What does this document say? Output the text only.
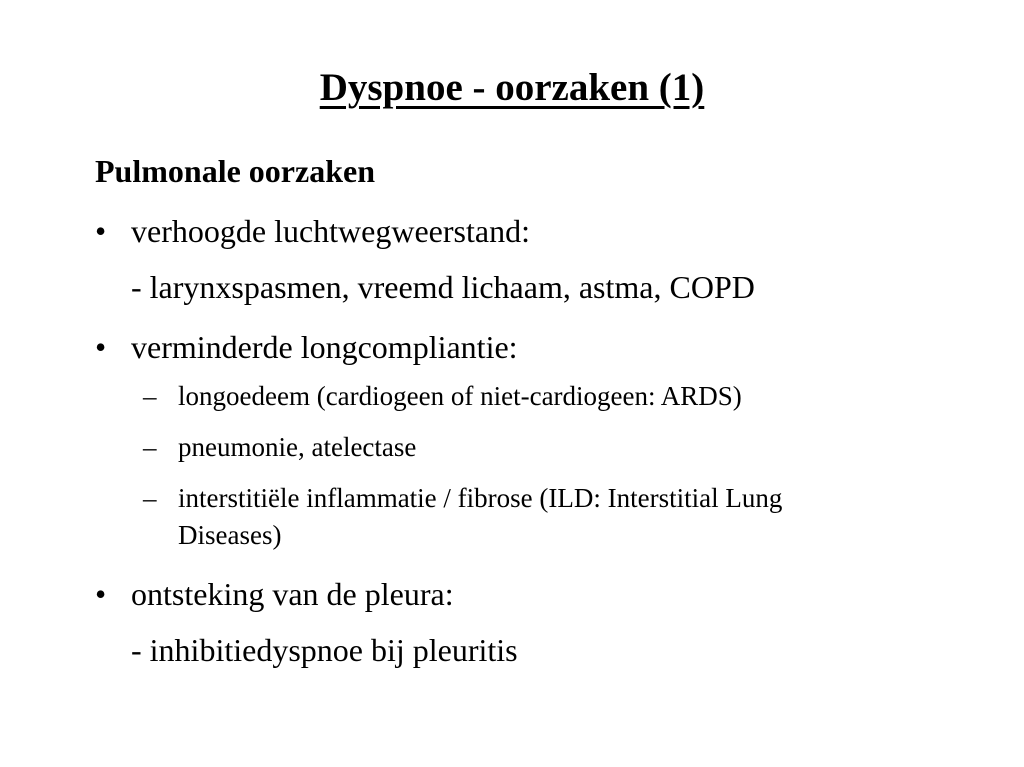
Dyspnoe - oorzaken (1)
Pulmonale oorzaken
• verhoogde luchtwegweerstand:
- larynxspasmen, vreemd lichaam, astma, COPD
• verminderde longcompliantie:
– longoedeem (cardiogeen of niet-cardiogeen: ARDS)
– pneumonie, atelectase
– interstitiële inflammatie / fibrose (ILD: Interstitial Lung
Diseases)
• ontsteking van de pleura:
- inhibitiedyspnoe bij pleuritis
